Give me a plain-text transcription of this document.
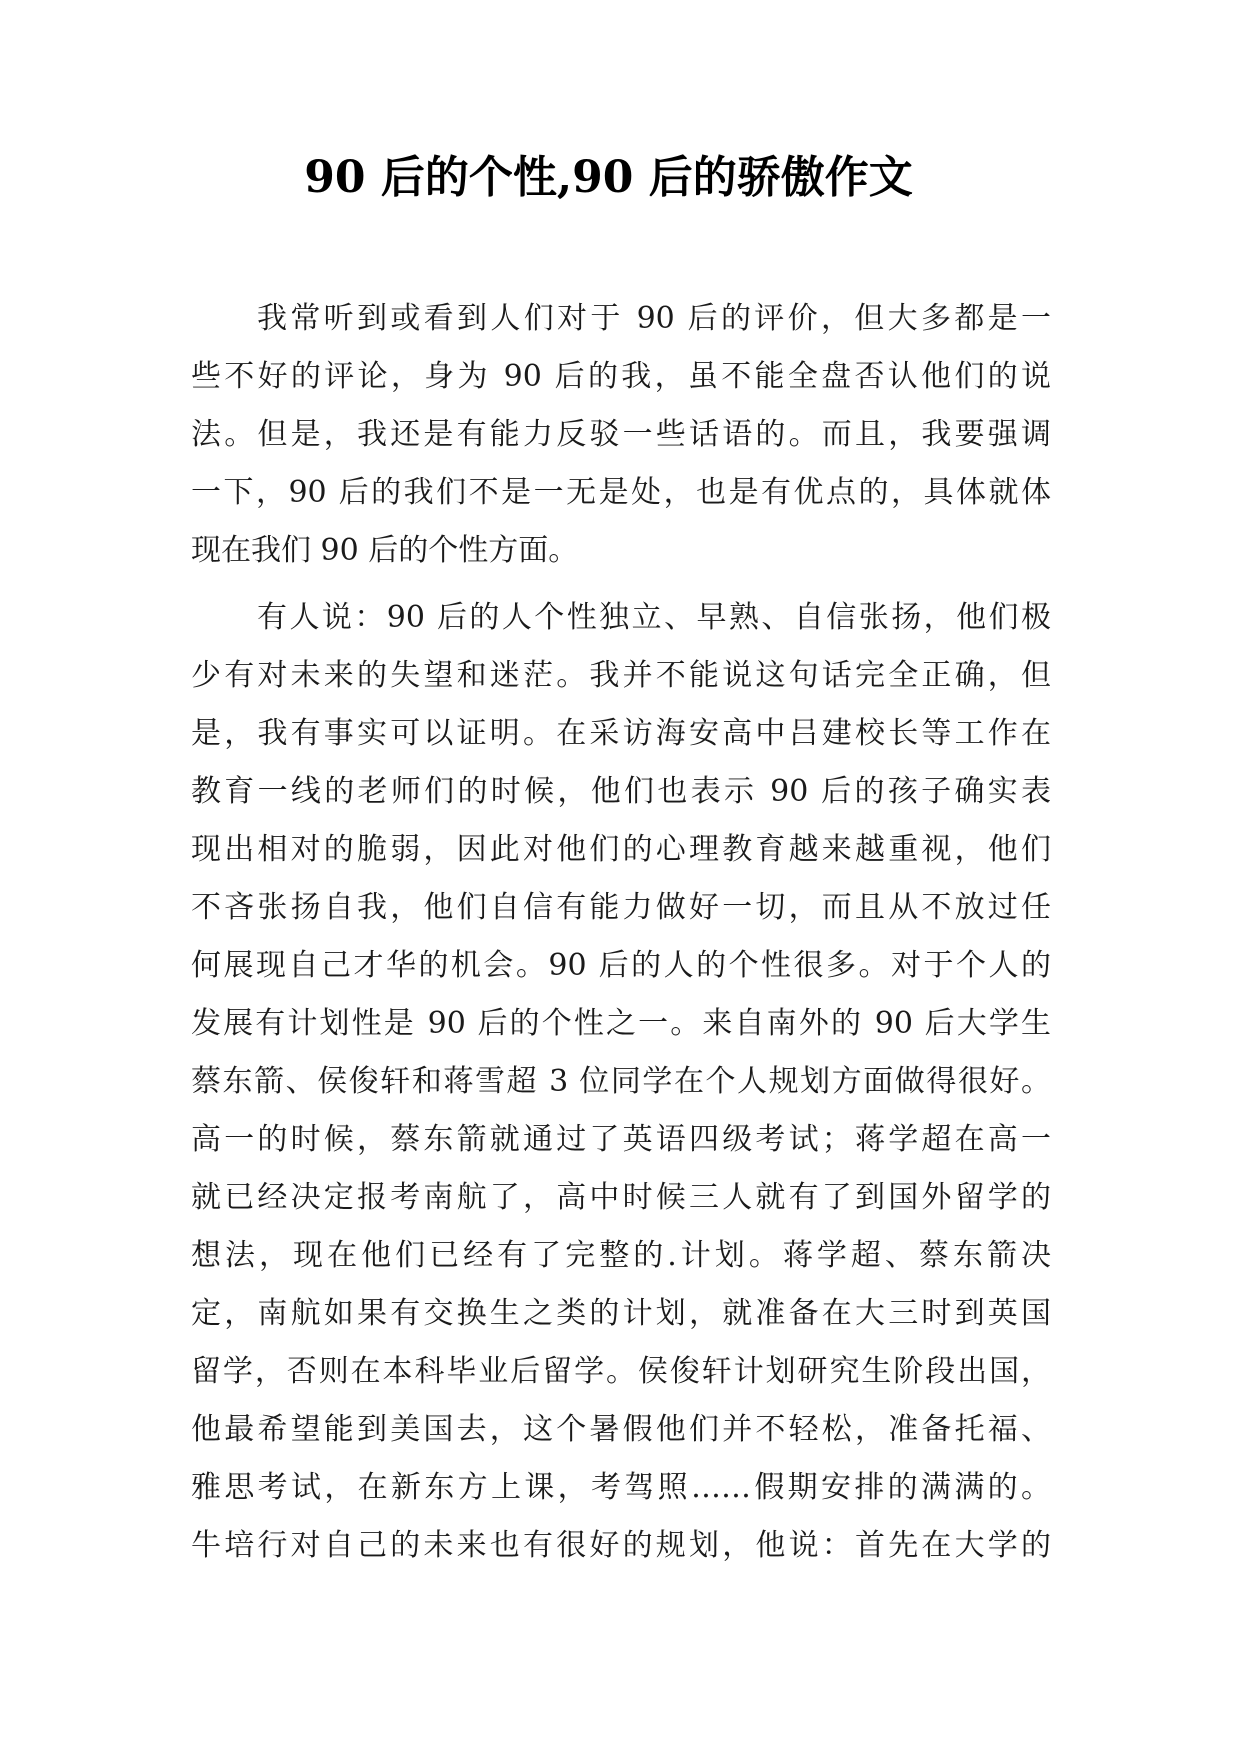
90 后的个性,90 后的骄傲作文
我常听到或看到人们对于 90 后的评价，但大多都是一
些不好的评论，身为 90 后的我，虽不能全盘否认他们的说
法。但是，我还是有能力反驳一些话语的。而且，我要强调
一下，90 后的我们不是一无是处，也是有优点的，具体就体
现在我们 90 后的个性方面。
有人说：90 后的人个性独立、早熟、自信张扬，他们极
少有对未来的失望和迷茫。我并不能说这句话完全正确，但
是，我有事实可以证明。在采访海安高中吕建校长等工作在
教育一线的老师们的时候，他们也表示 90 后的孩子确实表
现出相对的脆弱，因此对他们的心理教育越来越重视，他们
不吝张扬自我，他们自信有能力做好一切，而且从不放过任
何展现自己才华的机会。90 后的人的个性很多。对于个人的
发展有计划性是 90 后的个性之一。来自南外的 90 后大学生
蔡东箭、侯俊轩和蒋雪超 3 位同学在个人规划方面做得很好。
高一的时候，蔡东箭就通过了英语四级考试；蒋学超在高一
就已经决定报考南航了，高中时候三人就有了到国外留学的
想法，现在他们已经有了完整的.计划。蒋学超、蔡东箭决
定，南航如果有交换生之类的计划，就准备在大三时到英国
留学，否则在本科毕业后留学。侯俊轩计划研究生阶段出国，
他最希望能到美国去，这个暑假他们并不轻松，准备托福、
雅思考试，在新东方上课，考驾照……假期安排的满满的。
牛培行对自己的未来也有很好的规划，他说：首先在大学的
